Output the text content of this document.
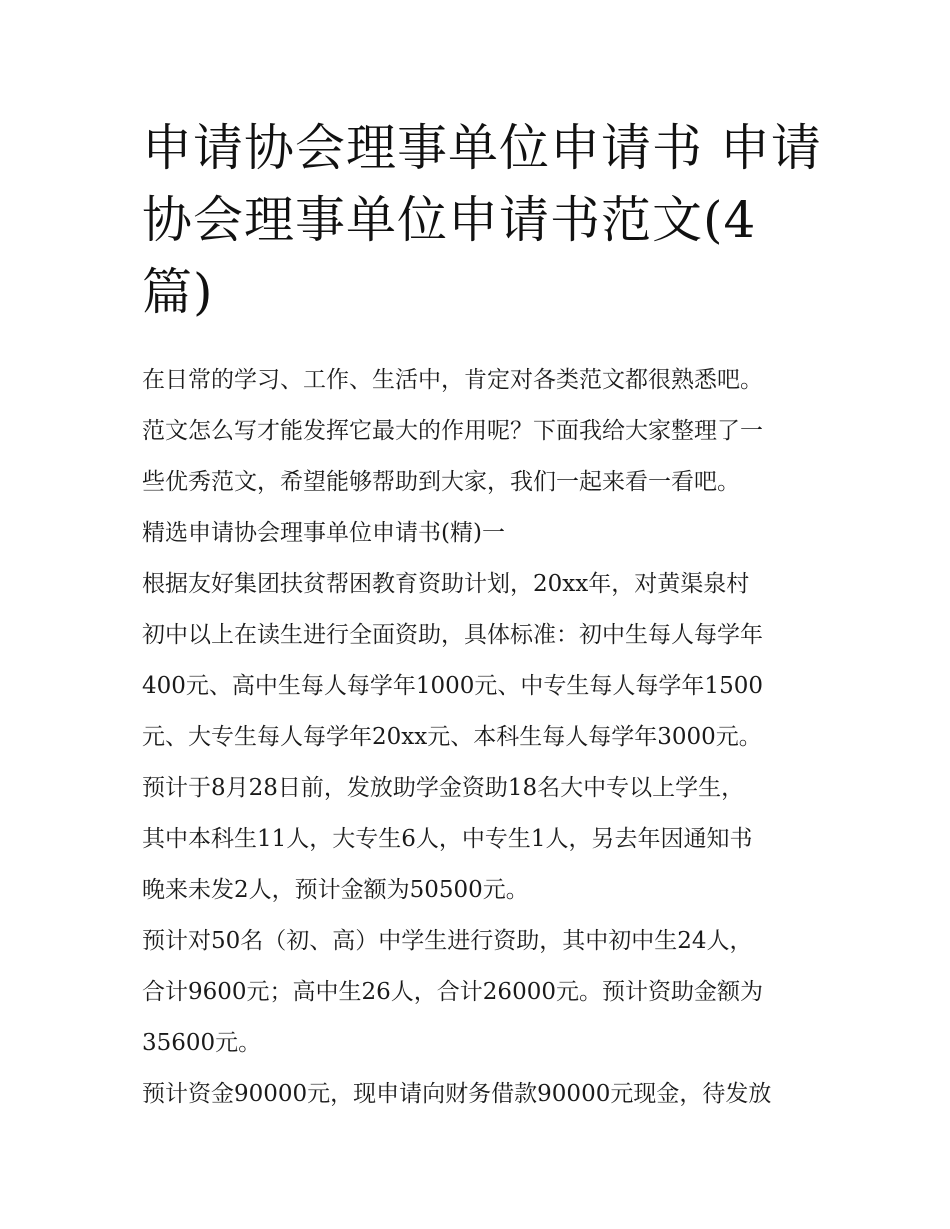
申请协会理事单位申请书 申请
协会理事单位申请书范文(4
篇)

在日常的学习、工作、生活中，肯定对各类范文都很熟悉吧。

范文怎么写才能发挥它最大的作用呢？下面我给大家整理了一

些优秀范文，希望能够帮助到大家，我们一起来看一看吧。

精选申请协会理事单位申请书(精)一

根据友好集团扶贫帮困教育资助计划，20xx年，对黄渠泉村

初中以上在读生进行全面资助，具体标准：初中生每人每学年

400元、高中生每人每学年1000元、中专生每人每学年1500

元、大专生每人每学年20xx元、本科生每人每学年3000元。

预计于8月28日前，发放助学金资助18名大中专以上学生，

其中本科生11人，大专生6人，中专生1人，另去年因通知书

晚来未发2人，预计金额为50500元。

预计对50名（初、高）中学生进行资助，其中初中生24人，

合计9600元；高中生26人，合计26000元。预计资助金额为

35600元。

预计资金90000元，现申请向财务借款90000元现金，待发放
